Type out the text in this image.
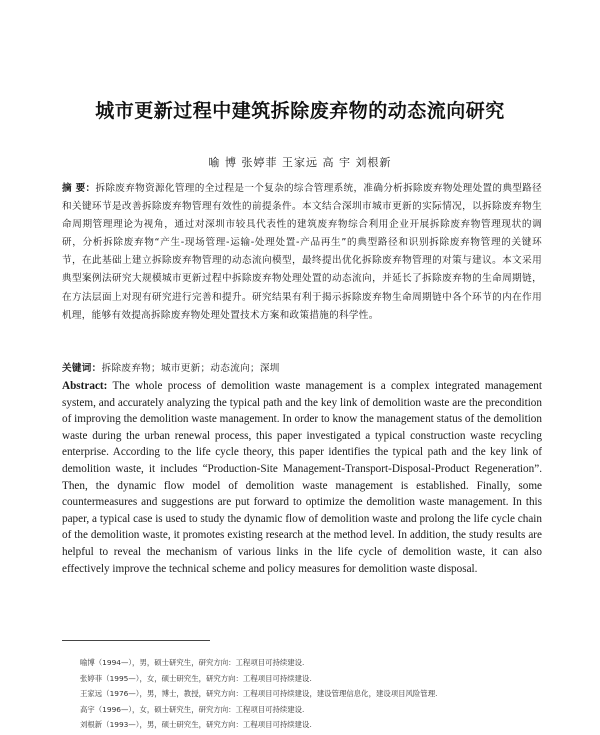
城市更新过程中建筑拆除废弃物的动态流向研究
喻 博 张婷菲 王家远 高 宇 刘根新
摘 要：拆除废弃物资源化管理的全过程是一个复杂的综合管理系统，准确分析拆除废弃物处理处置的典型路径和关键环节是改善拆除废弃物管理有效性的前提条件。本文结合深圳市城市更新的实际情况，以拆除废弃物生命周期管理理论为视角，通过对深圳市较具代表性的建筑废弃物综合利用企业开展拆除废弃物管理现状的调研，分析拆除废弃物“产生-现场管理-运输-处理处置-产品再生”的典型路径和识别拆除废弃物管理的关键环节，在此基础上建立拆除废弃物管理的动态流向模型，最终提出优化拆除废弃物管理的对策与建议。本文采用典型案例法研究大规模城市更新过程中拆除废弃物处理处置的动态流向，并延长了拆除废弃物的生命周期链，在方法层面上对现有研究进行完善和提升。研究结果有利于揭示拆除废弃物生命周期链中各个环节的内在作用机理，能够有效提高拆除废弃物处理处置技术方案和政策措施的科学性。
关键词：拆除废弃物；城市更新；动态流向；深圳
Abstract: The whole process of demolition waste management is a complex integrated management system, and accurately analyzing the typical path and the key link of demolition waste are the precondition of improving the demolition waste management. In order to know the management status of the demolition waste during the urban renewal process, this paper investigated a typical construction waste recycling enterprise. According to the life cycle theory, this paper identifies the typical path and the key link of demolition waste, it includes “Production-Site Management-Transport-Disposal-Product Regeneration”. Then, the dynamic flow model of demolition waste management is established. Finally, some countermeasures and suggestions are put forward to optimize the demolition waste management. In this paper, a typical case is used to study the dynamic flow of demolition waste and prolong the life cycle chain of the demolition waste, it promotes existing research at the method level. In addition, the study results are helpful to reveal the mechanism of various links in the life cycle of demolition waste, it can also effectively improve the technical scheme and policy measures for demolition waste disposal.
喻博（1994—），男，硕士研究生，研究方向：工程项目可持续建设.
张婷菲（1995—），女，硕士研究生，研究方向：工程项目可持续建设.
王家远（1976—），男，博士，教授，研究方向：工程项目可持续建设，建设管理信息化，建设项目风险管理.
高宇（1996—），女，硕士研究生，研究方向：工程项目可持续建设.
刘根新（1993—），男，硕士研究生，研究方向：工程项目可持续建设.
